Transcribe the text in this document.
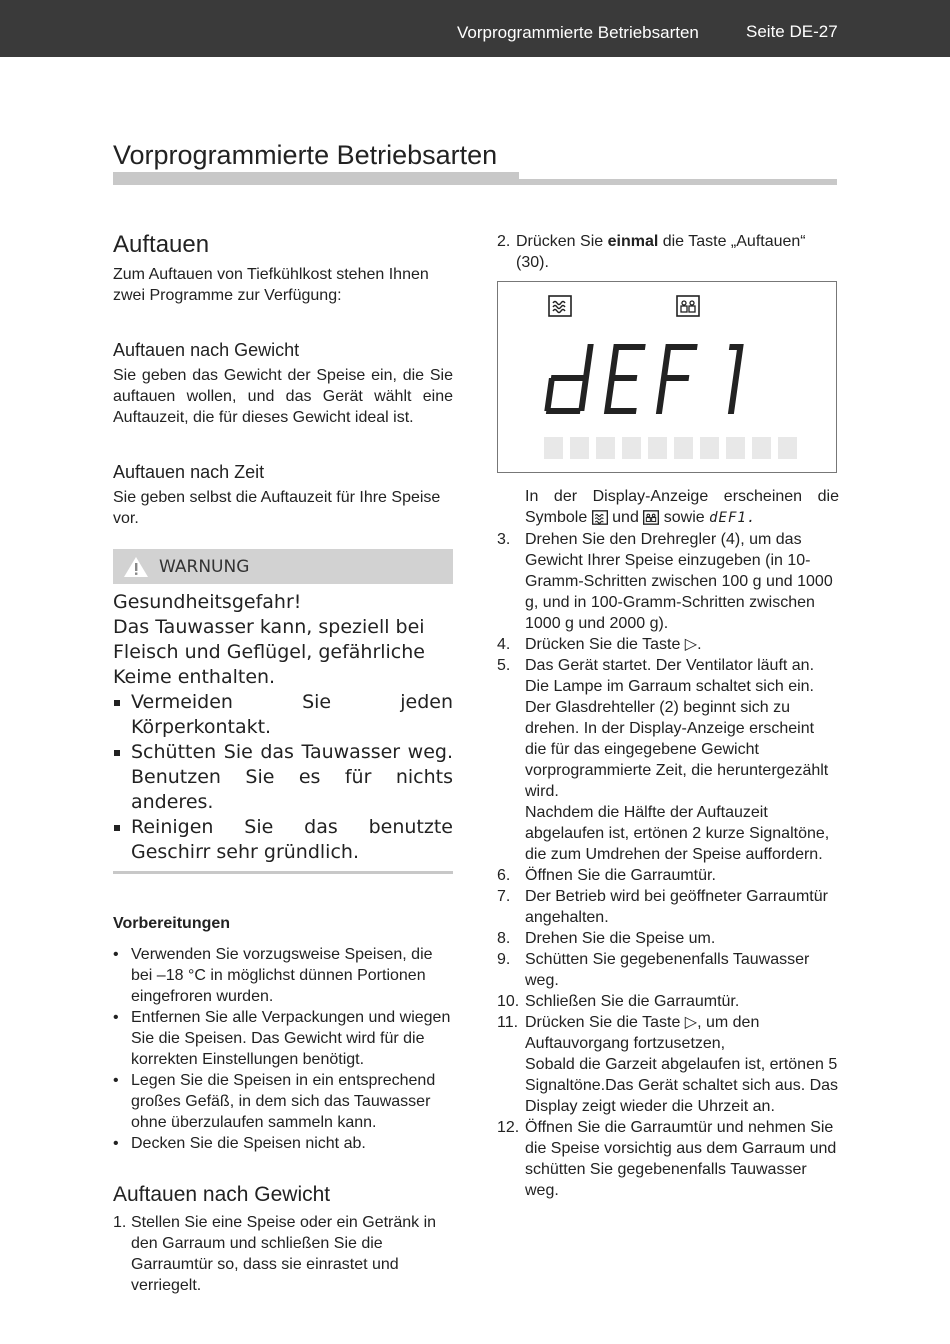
Vorprogrammierte Betriebsarten	Seite DE-27
Vorprogrammierte Betriebsarten
Auftauen

Zum Auftauen von Tiefkühlkost stehen Ihnen zwei Programme zur Verfügung:

Auftauen nach Gewicht

Sie geben das Gewicht der Speise ein, die Sie auftauen wollen, und das Gerät wählt eine Auftauzeit, die für dieses Gewicht ideal ist.

Auftauen nach Zeit

Sie geben selbst die Auftauzeit für Ihre Speise vor.

WARNUNG

Gesundheitsgefahr!

Das Tauwasser kann, speziell bei Fleisch und Geflügel, gefährliche Keime enthalten.

Vermeiden Sie jeden Körperkontakt.
Schütten Sie das Tauwasser weg. Benutzen Sie es für nichts anderes.
Reinigen Sie das benutzte Geschirr sehr gründlich.
Vorbereitungen
• Verwenden Sie vorzugsweise Speisen, die bei –18 °C in möglichst dünnen Portionen eingefroren wurden.
• Entfernen Sie alle Verpackungen und wiegen Sie die Speisen. Das Gewicht wird für die korrekten Einstellungen benötigt.
• Legen Sie die Speisen in ein entsprechend großes Gefäß, in dem sich das Tauwasser ohne überzulaufen sammeln kann.
• Decken Sie die Speisen nicht ab.
Auftauen nach Gewicht
1. Stellen Sie eine Speise oder ein Getränk in den Garraum und schließen Sie die Garraumtür so, dass sie einrastet und verriegelt.
2. Drücken Sie einmal die Taste „Auftauen“ (30).

In der Display-Anzeige erscheinen die Symbole und sowie dEF1.

3. Drehen Sie den Drehregler (4), um das Gewicht Ihrer Speise einzugeben (in 10-Gramm-Schritten zwischen 100 g und 1000 g, und in 100-Gramm-Schritten zwischen 1000 g und 2000 g).
4. Drücken Sie die Taste ▷.
5. Das Gerät startet. Der Ventilator läuft an. Die Lampe im Garraum schaltet sich ein. Der Glasdrehteller (2) beginnt sich zu drehen. In der Display-Anzeige erscheint die für das eingegebene Gewicht vorprogrammierte Zeit, die heruntergezählt wird.
Nachdem die Hälfte der Auftauzeit abgelaufen ist, ertönen 2 kurze Signaltöne, die zum Umdrehen der Speise auffordern.
6. Öffnen Sie die Garraumtür.
7. Der Betrieb wird bei geöffneter Garraumtür angehalten.
8. Drehen Sie die Speise um.
9. Schütten Sie gegebenenfalls Tauwasser weg.
10. Schließen Sie die Garraumtür.
11. Drücken Sie die Taste ▷, um den Auftauvorgang fortzusetzen,
Sobald die Garzeit abgelaufen ist, ertönen 5 Signaltöne.Das Gerät schaltet sich aus. Das Display zeigt wieder die Uhrzeit an.
12. Öffnen Sie die Garraumtür und nehmen Sie die Speise vorsichtig aus dem Garraum und schütten Sie gegebenenfalls Tauwasser weg.
